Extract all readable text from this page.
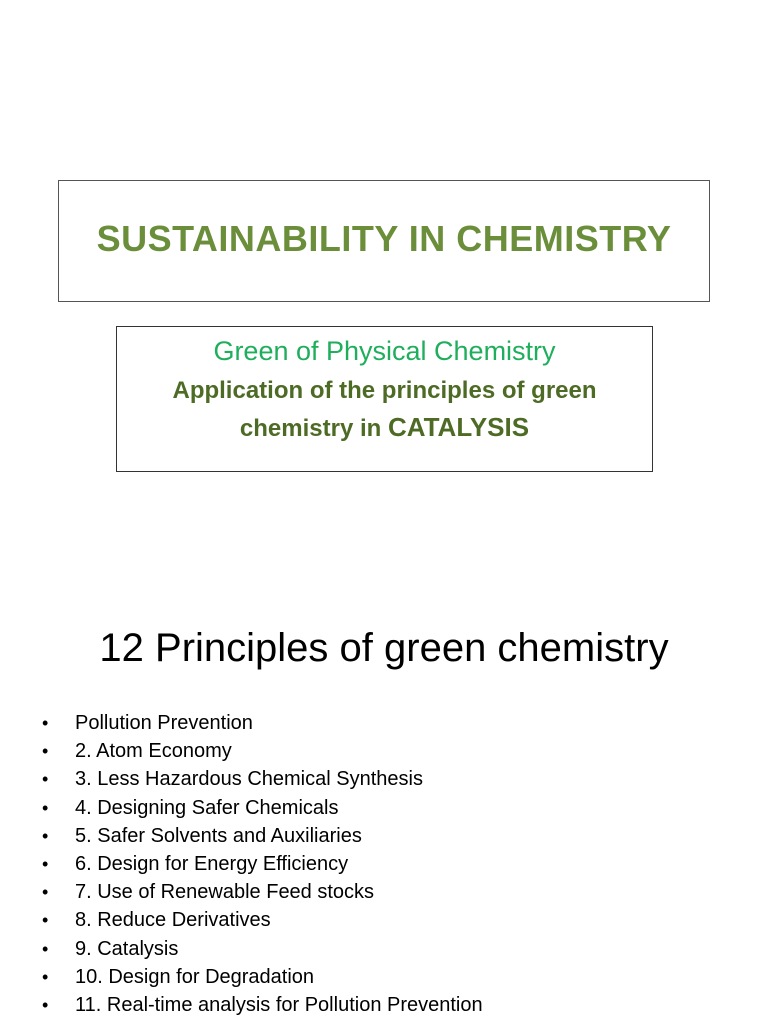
SUSTAINABILITY IN CHEMISTRY
Green of Physical Chemistry
Application of the principles of green chemistry in CATALYSIS
12 Principles of green chemistry
• Pollution Prevention
• 2. Atom Economy
• 3. Less Hazardous Chemical Synthesis
• 4. Designing Safer Chemicals
• 5. Safer Solvents and Auxiliaries
• 6. Design for Energy Efficiency
• 7. Use of Renewable Feed stocks
• 8. Reduce Derivatives
• 9. Catalysis
• 10. Design for Degradation
• 11. Real-time analysis for Pollution Prevention
